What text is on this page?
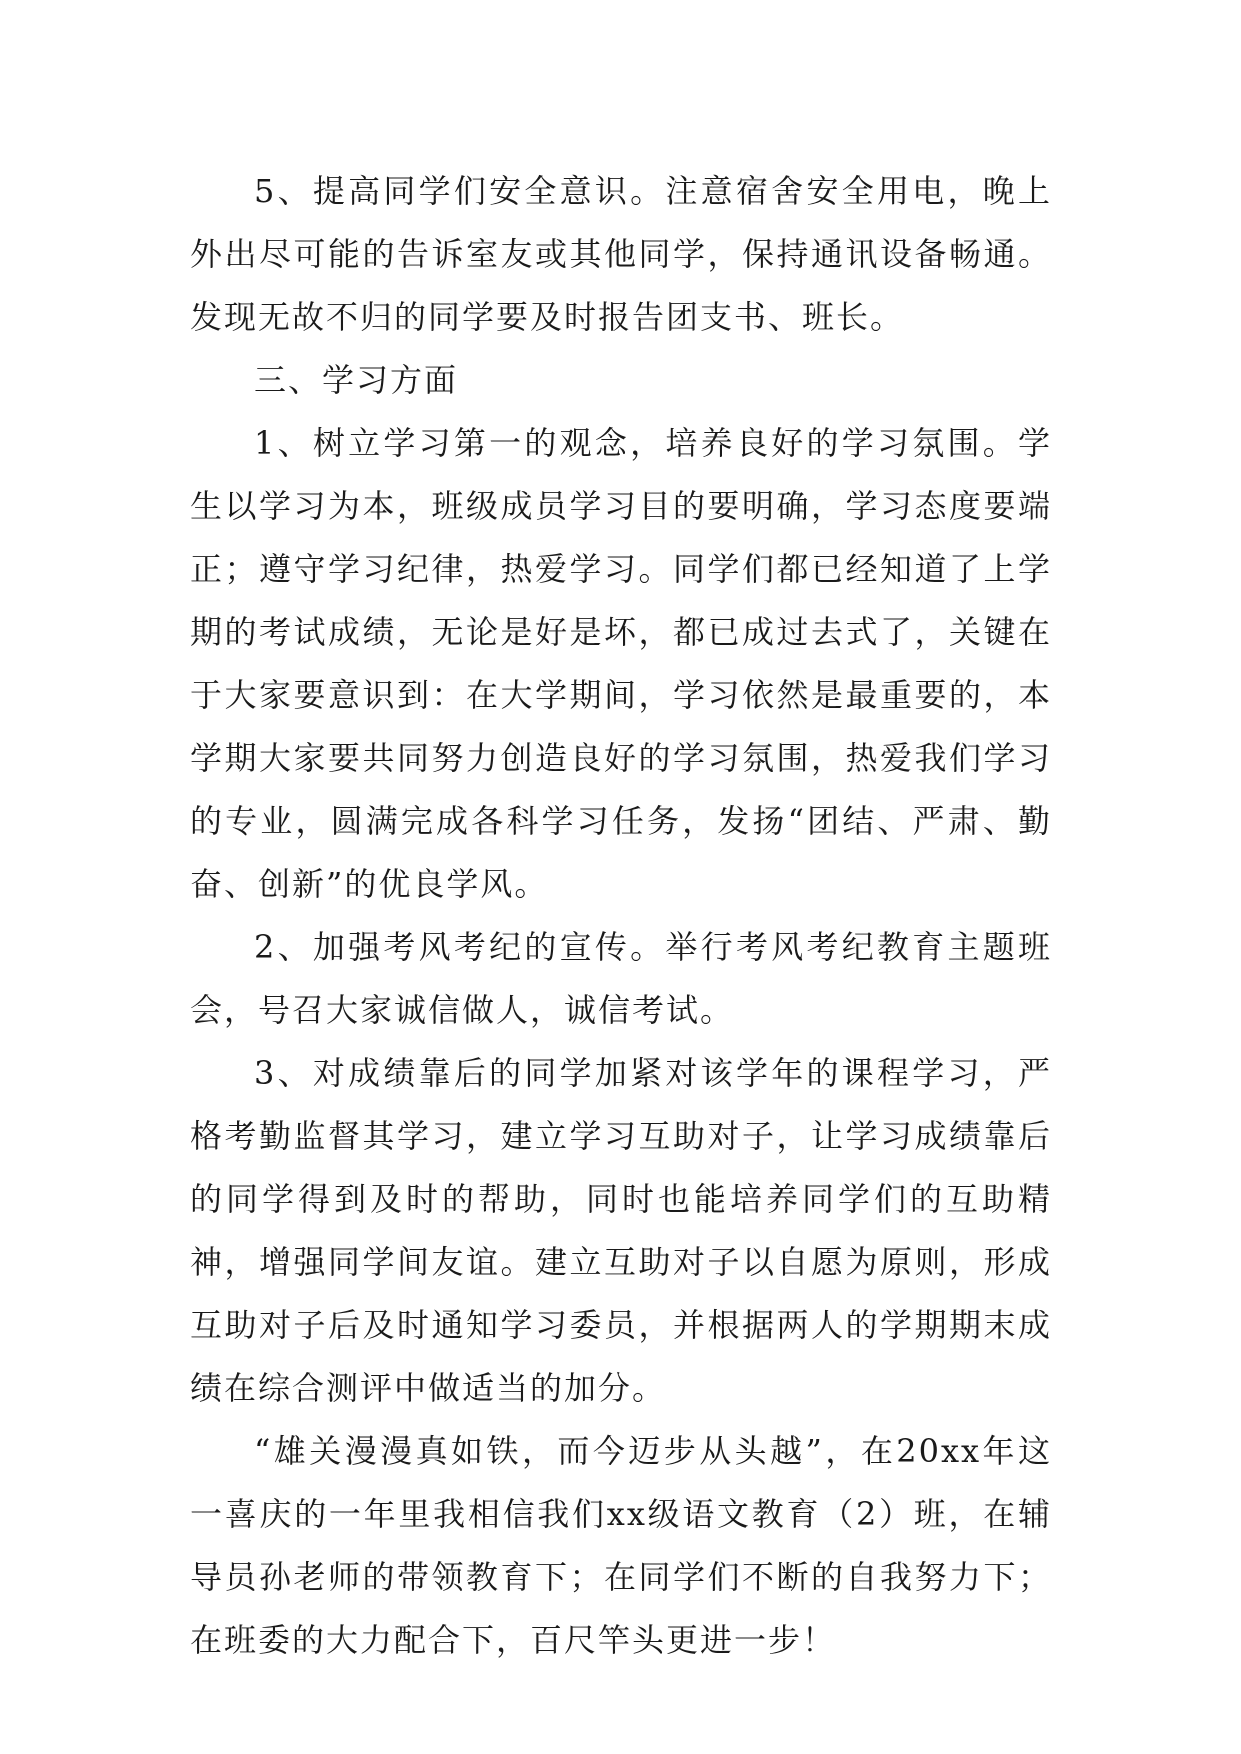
5、提高同学们安全意识。注意宿舍安全用电，晚上外出尽可能的告诉室友或其他同学，保持通讯设备畅通。发现无故不归的同学要及时报告团支书、班长。

三、学习方面

1、树立学习第一的观念，培养良好的学习氛围。学生以学习为本，班级成员学习目的要明确，学习态度要端正；遵守学习纪律，热爱学习。同学们都已经知道了上学期的考试成绩，无论是好是坏，都已成过去式了，关键在于大家要意识到：在大学期间，学习依然是最重要的，本学期大家要共同努力创造良好的学习氛围，热爱我们学习的专业，圆满完成各科学习任务，发扬“团结、严肃、勤奋、创新”的优良学风。

2、加强考风考纪的宣传。举行考风考纪教育主题班会，号召大家诚信做人，诚信考试。

3、对成绩靠后的同学加紧对该学年的课程学习，严格考勤监督其学习，建立学习互助对子，让学习成绩靠后的同学得到及时的帮助，同时也能培养同学们的互助精神，增强同学间友谊。建立互助对子以自愿为原则，形成互助对子后及时通知学习委员，并根据两人的学期期末成绩在综合测评中做适当的加分。

“雄关漫漫真如铁，而今迈步从头越”，在20xx年这一喜庆的一年里我相信我们xx级语文教育（2）班，在辅导员孙老师的带领教育下；在同学们不断的自我努力下；在班委的大力配合下，百尺竿头更进一步！
